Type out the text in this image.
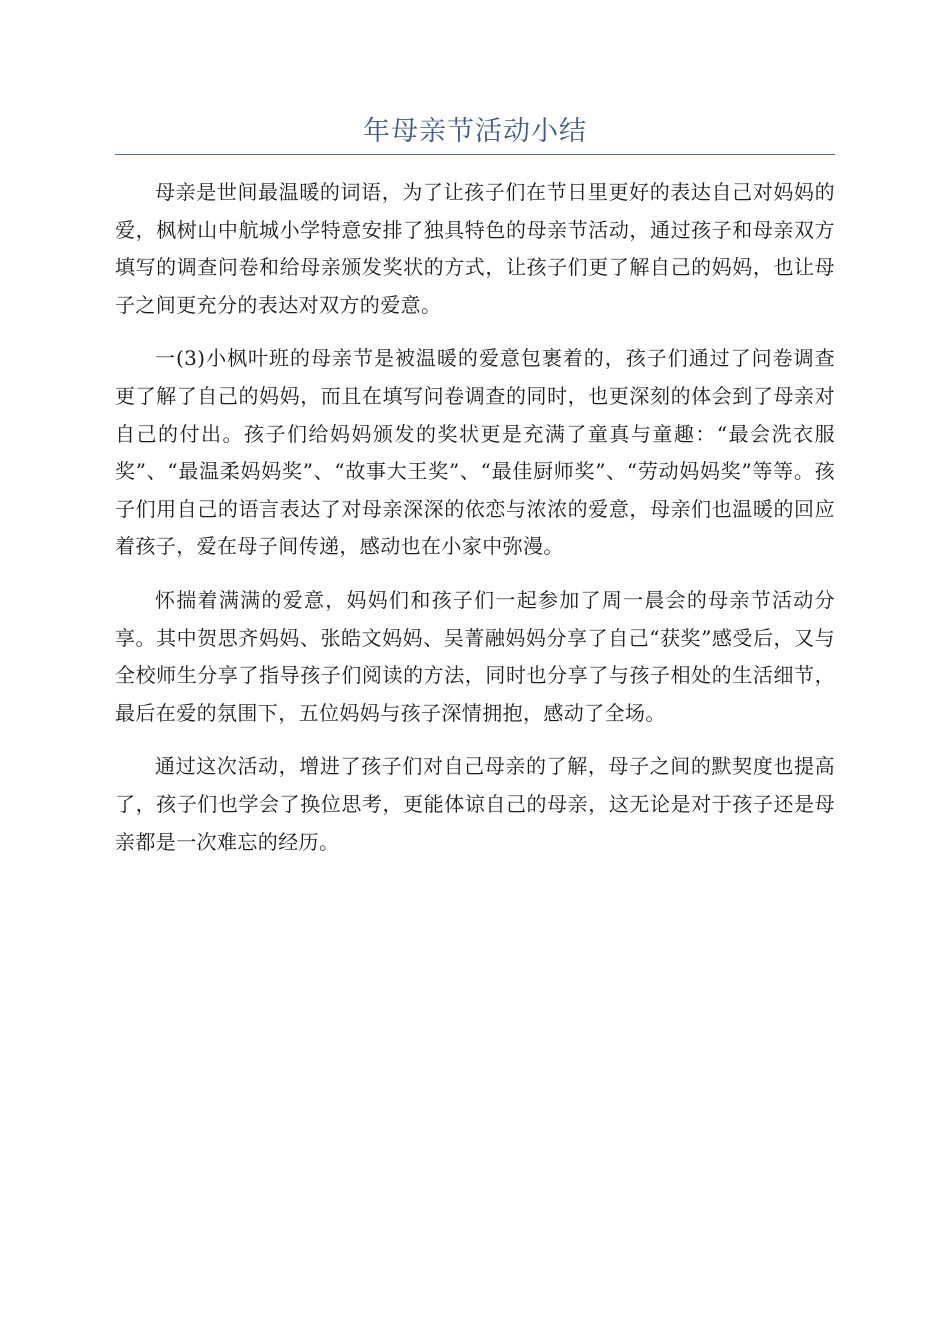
年母亲节活动小结

母亲是世间最温暖的词语，为了让孩子们在节日里更好的表达自己对妈妈的爱，枫树山中航城小学特意安排了独具特色的母亲节活动，通过孩子和母亲双方填写的调查问卷和给母亲颁发奖状的方式，让孩子们更了解自己的妈妈，也让母子之间更充分的表达对双方的爱意。

一(3)小枫叶班的母亲节是被温暖的爱意包裹着的，孩子们通过了问卷调查更了解了自己的妈妈，而且在填写问卷调查的同时，也更深刻的体会到了母亲对自己的付出。孩子们给妈妈颁发的奖状更是充满了童真与童趣：“最会洗衣服奖”、“最温柔妈妈奖”、“故事大王奖”、“最佳厨师奖”、“劳动妈妈奖”等等。孩子们用自己的语言表达了对母亲深深的依恋与浓浓的爱意，母亲们也温暖的回应着孩子，爱在母子间传递，感动也在小家中弥漫。

怀揣着满满的爱意，妈妈们和孩子们一起参加了周一晨会的母亲节活动分享。其中贺思齐妈妈、张皓文妈妈、吴菁融妈妈分享了自己“获奖”感受后，又与全校师生分享了指导孩子们阅读的方法，同时也分享了与孩子相处的生活细节，最后在爱的氛围下，五位妈妈与孩子深情拥抱，感动了全场。

通过这次活动，增进了孩子们对自己母亲的了解，母子之间的默契度也提高了，孩子们也学会了换位思考，更能体谅自己的母亲，这无论是对于孩子还是母亲都是一次难忘的经历。
